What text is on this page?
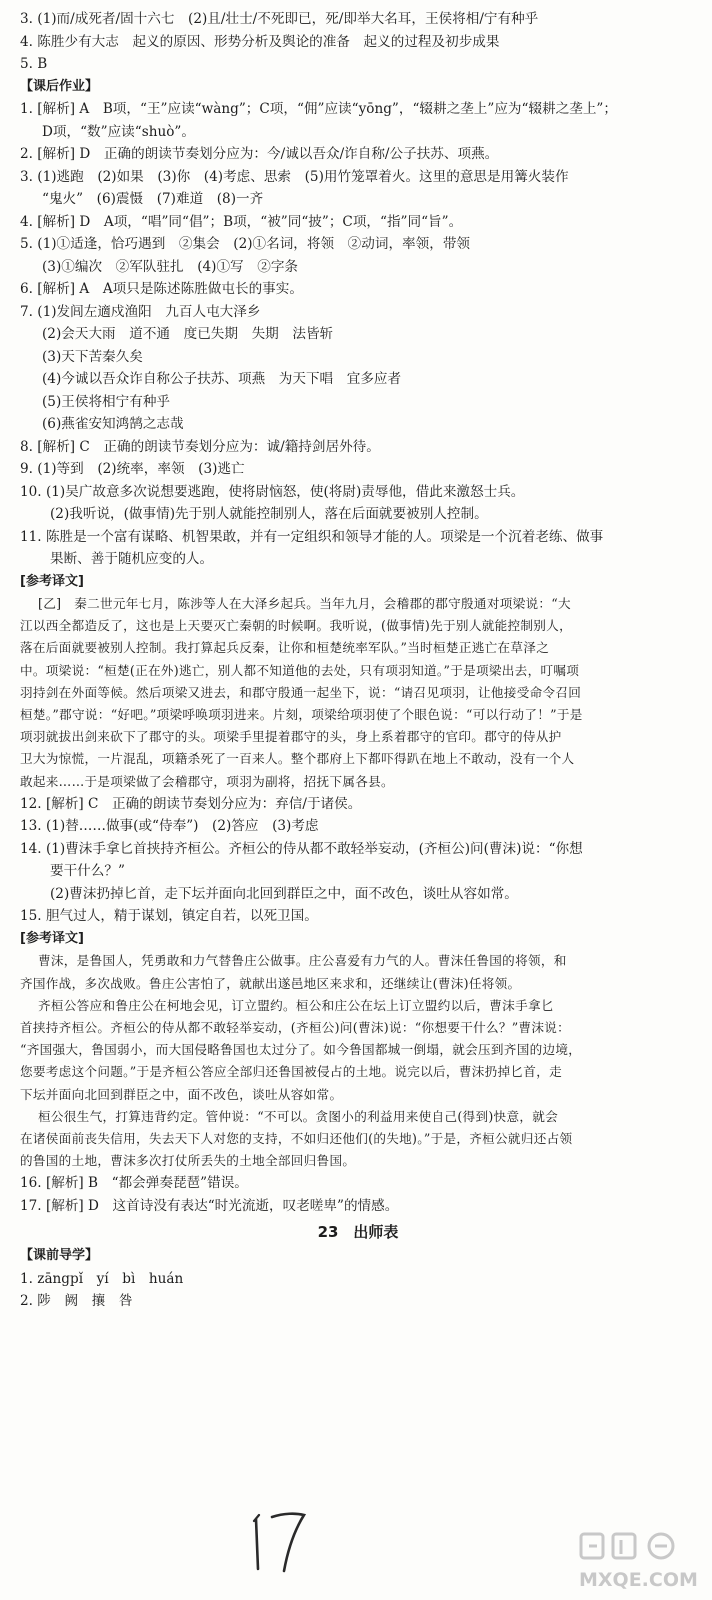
3. (1)而/成死者/固十六七　(2)且/壮士/不死即已，死/即举大名耳，王侯将相/宁有种乎
4. 陈胜少有大志　起义的原因、形势分析及舆论的准备　起义的过程及初步成果
5. B
【课后作业】
1. [解析] A　B项，“王”应读“wàng”；C项，“佣”应读“yōng”，“辍耕之垄上”应为“辍耕之垄上”；
D项，“数”应读“shuò”。
2. [解析] D　正确的朗读节奏划分应为：今/诚以吾众/诈自称/公子扶苏、项燕。
3. (1)逃跑　(2)如果　(3)你　(4)考虑、思索　(5)用竹笼罩着火。这里的意思是用篝火装作
“鬼火”　(6)震慑　(7)难道　(8)一齐
4. [解析] D　A项，“唱”同“倡”；B项，“被”同“披”；C项，“指”同“旨”。
5. (1)①适逢，恰巧遇到　②集会　(2)①名词，将领　②动词，率领，带领
(3)①编次　②军队驻扎　(4)①写　②字条
6. [解析] A　A项只是陈述陈胜做屯长的事实。
7. (1)发闾左適戍渔阳　九百人屯大泽乡
(2)会天大雨　道不通　度已失期　失期　法皆斩
(3)天下苦秦久矣
(4)今诚以吾众诈自称公子扶苏、项燕　为天下唱　宜多应者
(5)王侯将相宁有种乎
(6)燕雀安知鸿鹄之志哉
8. [解析] C　正确的朗读节奏划分应为：诚/籍持剑居外待。
9. (1)等到　(2)统率，率领　(3)逃亡
10. (1)吴广故意多次说想要逃跑，使将尉恼怒，使(将尉)责辱他，借此来激怒士兵。
(2)我听说，(做事情)先于别人就能控制别人，落在后面就要被别人控制。
11. 陈胜是一个富有谋略、机智果敢，并有一定组织和领导才能的人。项梁是一个沉着老练、做事
果断、善于随机应变的人。
[参考译文]
[乙]　秦二世元年七月，陈涉等人在大泽乡起兵。当年九月，会稽郡的郡守殷通对项梁说：“大
江以西全都造反了，这也是上天要灭亡秦朝的时候啊。我听说，(做事情)先于别人就能控制别人，
落在后面就要被别人控制。我打算起兵反秦，让你和桓楚统率军队。”当时桓楚正逃亡在草泽之
中。项梁说：“桓楚(正在外)逃亡，别人都不知道他的去处，只有项羽知道。”于是项梁出去，叮嘱项
羽持剑在外面等候。然后项梁又进去，和郡守殷通一起坐下，说：“请召见项羽，让他接受命令召回
桓楚。”郡守说：“好吧。”项梁呼唤项羽进来。片刻，项梁给项羽使了个眼色说：“可以行动了！”于是
项羽就拔出剑来砍下了郡守的头。项梁手里提着郡守的头，身上系着郡守的官印。郡守的侍从护
卫大为惊慌，一片混乱，项籍杀死了一百来人。整个郡府上下都吓得趴在地上不敢动，没有一个人
敢起来……于是项梁做了会稽郡守，项羽为副将，招抚下属各县。
12. [解析] C　正确的朗读节奏划分应为：弃信/于诸侯。
13. (1)替……做事(或“侍奉”)　(2)答应　(3)考虑
14. (1)曹沫手拿匕首挟持齐桓公。齐桓公的侍从都不敢轻举妄动，(齐桓公)问(曹沫)说：“你想
要干什么？”
(2)曹沫扔掉匕首，走下坛并面向北回到群臣之中，面不改色，谈吐从容如常。
15. 胆气过人，精于谋划，镇定自若，以死卫国。
[参考译文]
曹沫，是鲁国人，凭勇敢和力气替鲁庄公做事。庄公喜爱有力气的人。曹沫任鲁国的将领，和
齐国作战，多次战败。鲁庄公害怕了，就献出遂邑地区来求和，还继续让(曹沫)任将领。
齐桓公答应和鲁庄公在柯地会见，订立盟约。桓公和庄公在坛上订立盟约以后，曹沫手拿匕
首挟持齐桓公。齐桓公的侍从都不敢轻举妄动，(齐桓公)问(曹沫)说：“你想要干什么？”曹沫说：
“齐国强大，鲁国弱小，而大国侵略鲁国也太过分了。如今鲁国都城一倒塌，就会压到齐国的边境，
您要考虑这个问题。”于是齐桓公答应全部归还鲁国被侵占的土地。说完以后，曹沫扔掉匕首，走
下坛并面向北回到群臣之中，面不改色，谈吐从容如常。
桓公很生气，打算违背约定。管仲说：“不可以。贪图小的利益用来使自己(得到)快意，就会
在诸侯面前丧失信用，失去天下人对您的支持，不如归还他们(的失地)。”于是，齐桓公就归还占领
的鲁国的土地，曹沫多次打仗所丢失的土地全部回归鲁国。
16. [解析] B　“都会弹奏琵琶”错误。
17. [解析] D　这首诗没有表达“时光流逝，叹老嗟卑”的情感。
23　出师表
【课前导学】
1. zāngpǐ　yí　bì　huán
2. 陟　阙　攘　咎
MXQE.COM
